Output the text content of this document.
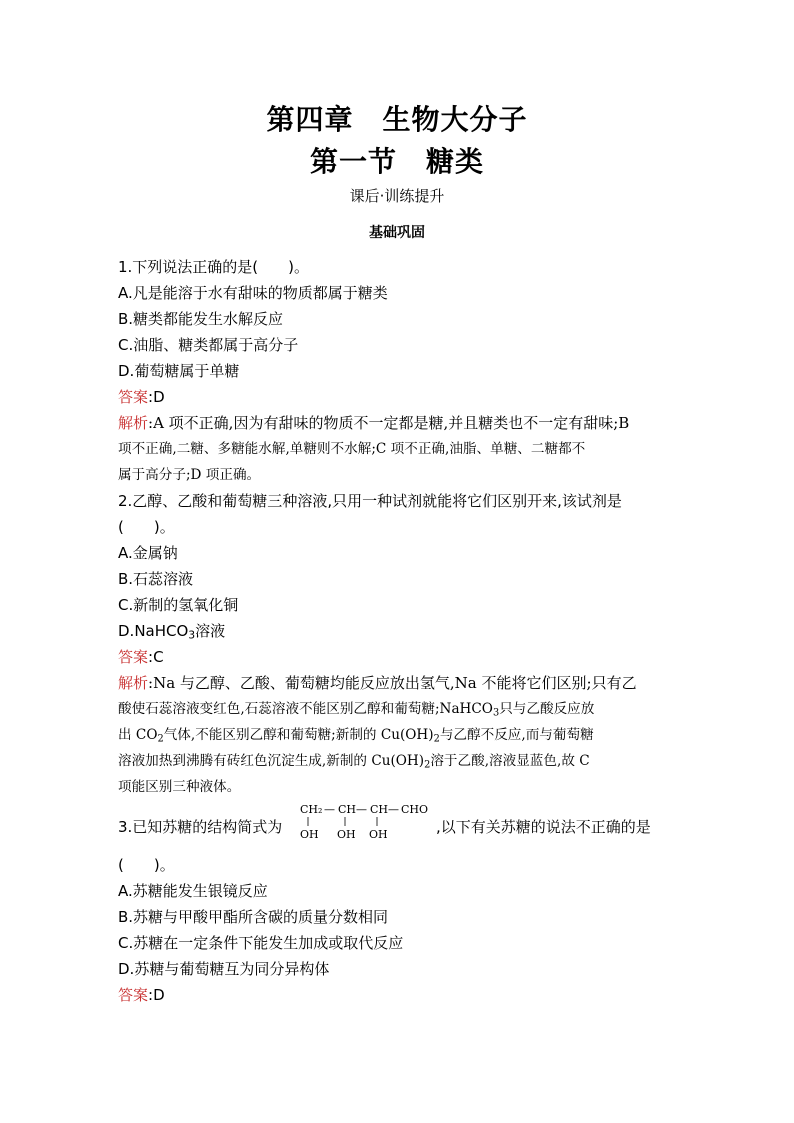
第四章　生物大分子
第一节　糖类
课后·训练提升
基础巩固
1.下列说法正确的是(　　)。
A.凡是能溶于水有甜味的物质都属于糖类
B.糖类都能发生水解反应
C.油脂、糖类都属于高分子
D.葡萄糖属于单糖
答案:D
解析:A 项不正确,因为有甜味的物质不一定都是糖,并且糖类也不一定有甜味;B
项不正确,二糖、多糖能水解,单糖则不水解;C 项不正确,油脂、单糖、二糖都不
属于高分子;D 项正确。
2.乙醇、乙酸和葡萄糖三种溶液,只用一种试剂就能将它们区别开来,该试剂是
(　　)。
A.金属钠
B.石蕊溶液
C.新制的氢氧化铜
D.NaHCO$_3$溶液
答案:C
解析:Na 与乙醇、乙酸、葡萄糖均能反应放出氢气,Na 不能将它们区别;只有乙
酸使石蕊溶液变红色,石蕊溶液不能区别乙醇和葡萄糖;NaHCO$_3$只与乙酸反应放
出 $CO_2$气体,不能区别乙醇和葡萄糖;新制的 $Cu(OH)_2$与乙醇不反应,而与葡萄糖
溶液加热到沸腾有砖红色沉淀生成,新制的 $Cu(OH)_2$溶于乙酸,溶液显蓝色,故 C
项能区别三种液体。
3.已知苏糖的结构简式为
CH₂ — CH — CH — CHO
OH OH OH	,以下有关苏糖的说法不正确的是
(　　)。
A.苏糖能发生银镜反应
B.苏糖与甲酸甲酯所含碳的质量分数相同
C.苏糖在一定条件下能发生加成或取代反应
D.苏糖与葡萄糖互为同分异构体
答案:D
